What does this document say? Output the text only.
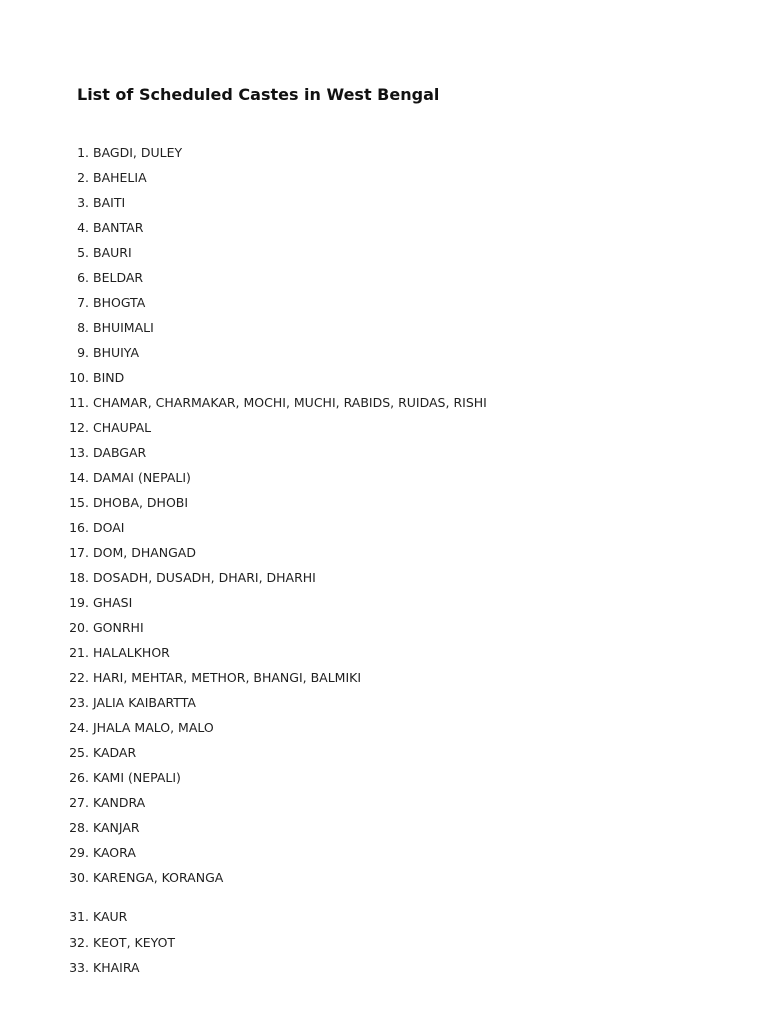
List of Scheduled Castes in West Bengal
1. BAGDI, DULEY
2. BAHELIA
3. BAITI
4. BANTAR
5. BAURI
6. BELDAR
7. BHOGTA
8. BHUIMALI
9. BHUIYA
10. BIND
11. CHAMAR, CHARMAKAR, MOCHI, MUCHI, RABIDS, RUIDAS, RISHI
12. CHAUPAL
13. DABGAR
14. DAMAI (NEPALI)
15. DHOBA, DHOBI
16. DOAI
17. DOM, DHANGAD
18. DOSADH, DUSADH, DHARI, DHARHI
19. GHASI
20. GONRHI
21. HALALKHOR
22. HARI, MEHTAR, METHOR, BHANGI, BALMIKI
23. JALIA KAIBARTTA
24. JHALA MALO, MALO
25. KADAR
26. KAMI (NEPALI)
27. KANDRA
28. KANJAR
29. KAORA
30. KARENGA, KORANGA
31. KAUR
32. KEOT, KEYOT
33. KHAIRA
